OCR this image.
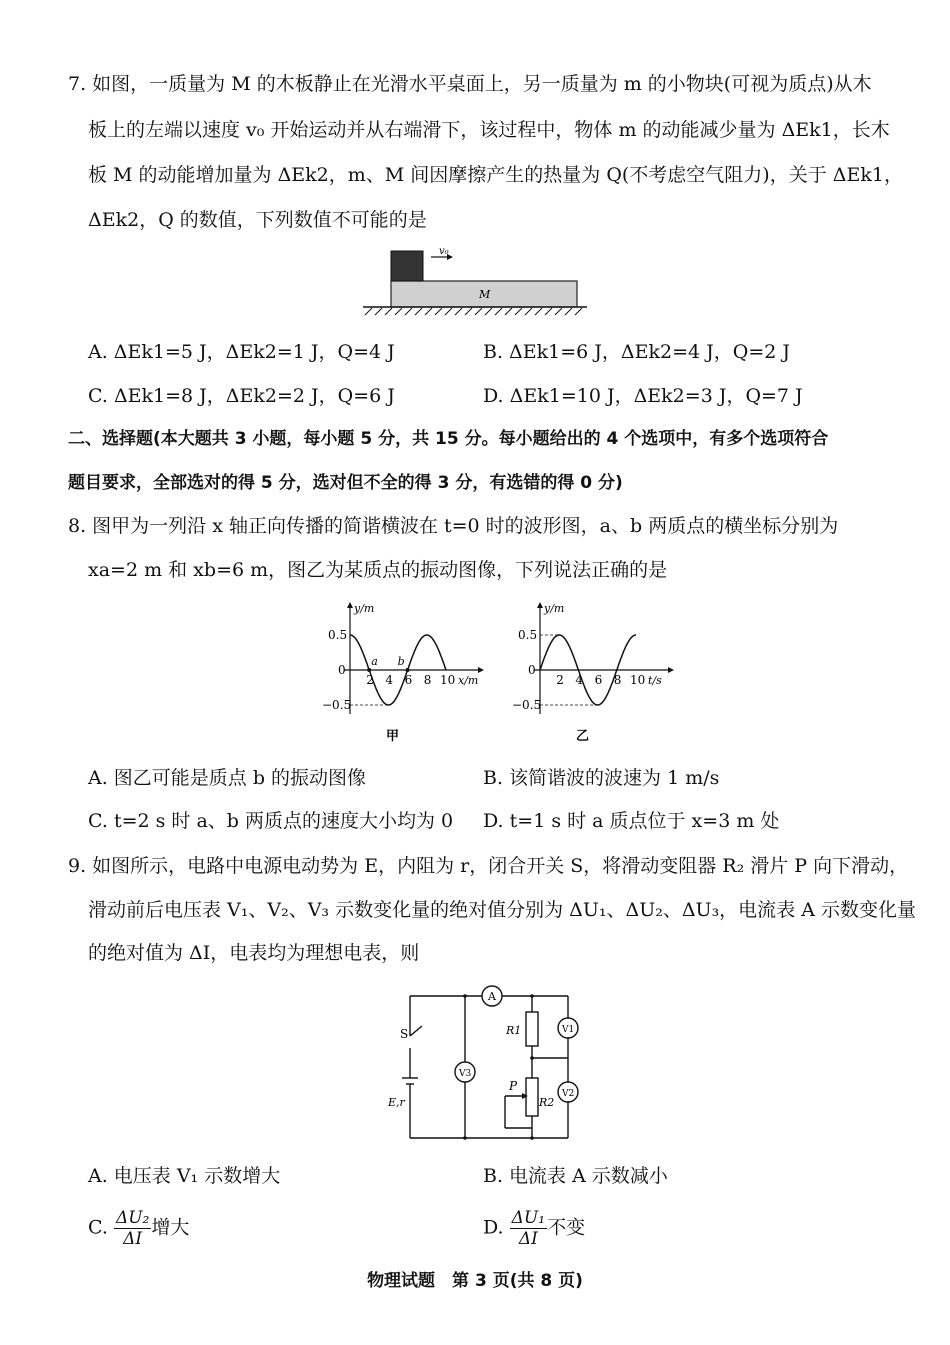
7. 如图，一质量为 M 的木板静止在光滑水平桌面上，另一质量为 m 的小物块(可视为质点)从木
板上的左端以速度 v₀ 开始运动并从右端滑下，该过程中，物体 m 的动能减少量为 ΔEk1，长木
板 M 的动能增加量为 ΔEk2，m、M 间因摩擦产生的热量为 Q(不考虑空气阻力)，关于 ΔEk1，
ΔEk2，Q 的数值，下列数值不可能的是
v₀
M
A. ΔEk1=5 J，ΔEk2=1 J，Q=4 J	B. ΔEk1=6 J，ΔEk2=4 J，Q=2 J
C. ΔEk1=8 J，ΔEk2=2 J，Q=6 J	D. ΔEk1=10 J，ΔEk2=3 J，Q=7 J
二、选择题(本大题共 3 小题，每小题 5 分，共 15 分。每小题给出的 4 个选项中，有多个选项符合
题目要求，全部选对的得 5 分，选对但不全的得 3 分，有选错的得 0 分)
8. 图甲为一列沿 x 轴正向传播的简谐横波在 t=0 时的波形图，a、b 两质点的横坐标分别为
xa=2 m 和 xb=6 m，图乙为某质点的振动图像，下列说法正确的是
2 4 6 8 10
0.5
0
−0.5
x/m
y/m
a b
甲
2 4 6 8 10
0.5
0
−0.5
t/s
y/m
乙
A. 图乙可能是质点 b 的振动图像	B. 该简谐波的波速为 1 m/s
C. t=2 s 时 a、b 两质点的速度大小均为 0 D. t=1 s 时 a 质点位于 x=3 m 处
9. 如图所示，电路中电源电动势为 E，内阻为 r，闭合开关 S，将滑动变阻器 R₂ 滑片 P 向下滑动，
滑动前后电压表 V₁、V₂、V₃ 示数变化量的绝对值分别为 ΔU₁、ΔU₂、ΔU₃，电流表 A 示数变化量
的绝对值为 ΔI，电表均为理想电表，则
A
V3
V1
V2
R1
R2
P
S
E,r
A. 电压表 V₁ 示数增大	B. 电流表 A 示数减小
C. $\frac{\text{ΔU₂}}{\Delta I}$ 增大	D. $\frac{\text{ΔU₁}}{\Delta I}$ 不变
物理试题　第 3 页(共 8 页)
